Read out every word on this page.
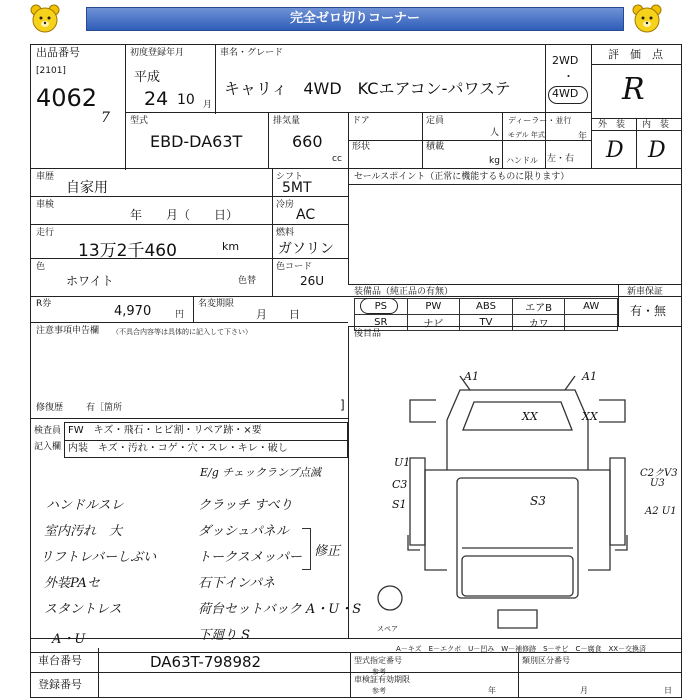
完全ゼロ切りコーナー
出品番号
[2101]
4062
7
初度登録年月
平成
24 10 月
車名・グレード
キャリィ　4WD　KCエアコン-パワステ
2WD
・
4WD
評　価　点
R
外　装 内　装
D D
型式
EBD-DA63T
排気量
660
cc
ドア	定員
人
ディーラー・並行
モデル 年式	年
形状	積載
kg ハンドル 左・右
車歴
自家用
車検
年　　月（　　日）
走行
13万2千460	km
色
ホワイト	色替
シフト
5MT
冷房
AC
燃料
ガソリン
色コード
26U
R券	4,970	円
名変期限
月　　日
セールスポイント（正常に機能するものに限ります）
装備品（純正品の有無）	新車保証
有・無
PS	PW	ABS	エアB	AW
SR	ナビ	TV	カワ	
後目品
注意事項申告欄 （不具合内容等は具体的に記入して下さい）
修復歴	有［箇所	]
検査員
記入欄
FW　キズ・飛石・ヒビ割・リペア跡・×要
内装　キズ・汚れ・コゲ・穴・スレ・キレ・破し
E/g チェックランプ点滅
ハンドルスレ
室内汚れ　大
リフトレバーしぶい
外装PAセ
スタントレス
A・U
クラッチ すべり
ダッシュパネル
トークスメッパー
石下インパネ
荷台セットバック A・U・S
下廻り S
修正
A1	A1
XX	XX
U1
C3
S1	S3
C2クV3
U3
A2 U1
スペア
A－キズ　E－エクボ　U－凹み　W－補修跡　S－サビ　C－腐食　XX－交換済
車台番号	DA63T-798982
登録番号
型式指定番号
参考
類別区分番号
車検証有効期限
参考	年	月	日
